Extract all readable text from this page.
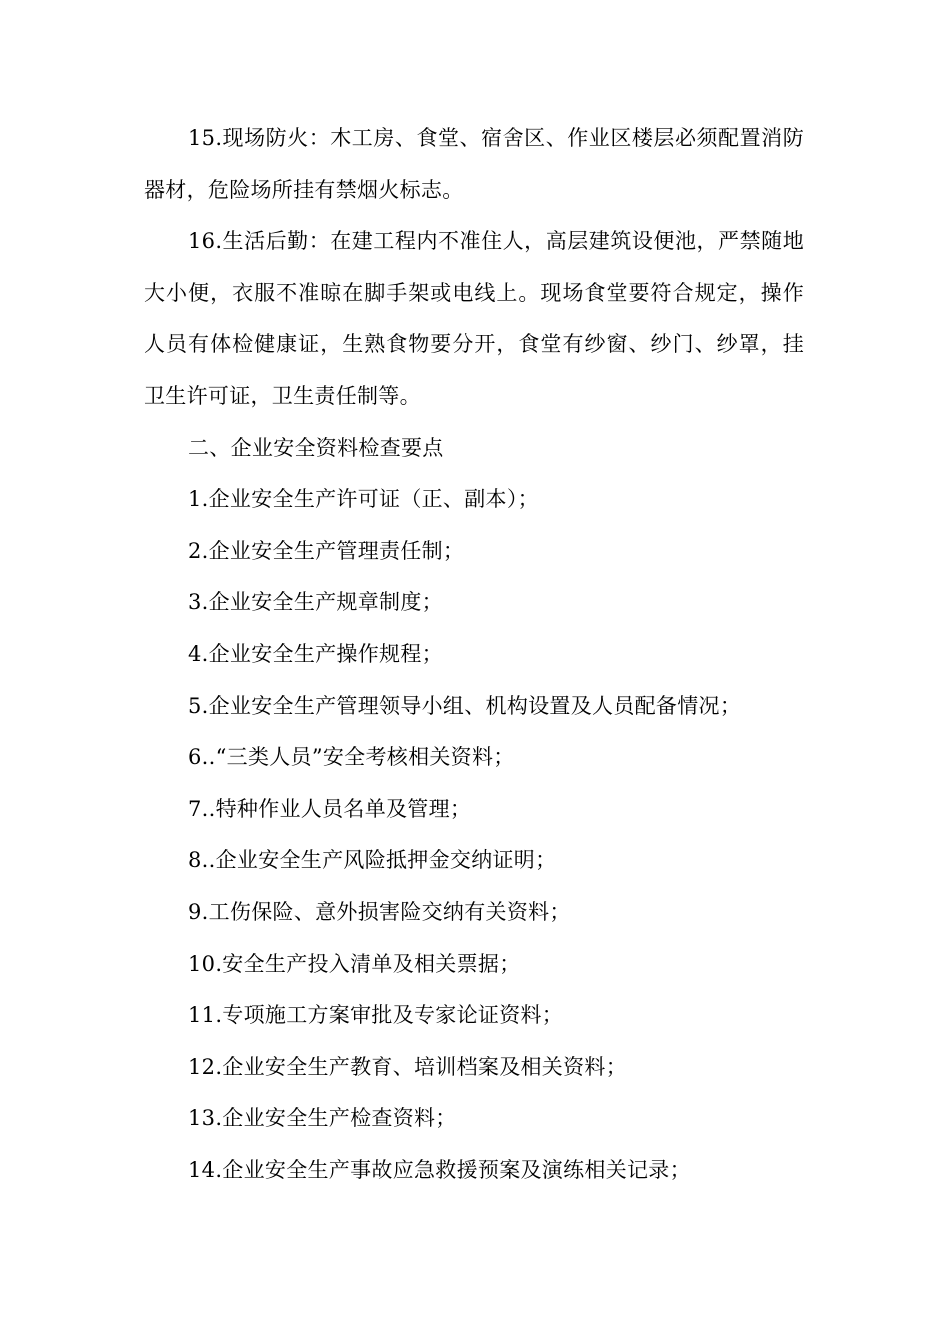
15.现场防火：木工房、食堂、宿舍区、作业区楼层必须配置消防器材，危险场所挂有禁烟火标志。

16.生活后勤：在建工程内不准住人，高层建筑设便池，严禁随地大小便，衣服不准晾在脚手架或电线上。现场食堂要符合规定，操作人员有体检健康证，生熟食物要分开，食堂有纱窗、纱门、纱罩，挂卫生许可证，卫生责任制等。

二、企业安全资料检查要点

1.企业安全生产许可证（正、副本）；

2.企业安全生产管理责任制；

3.企业安全生产规章制度；

4.企业安全生产操作规程；

5.企业安全生产管理领导小组、机构设置及人员配备情况；

6..“三类人员”安全考核相关资料；

7..特种作业人员名单及管理；

8..企业安全生产风险抵押金交纳证明；

9.工伤保险、意外损害险交纳有关资料；

10.安全生产投入清单及相关票据；

11.专项施工方案审批及专家论证资料；

12.企业安全生产教育、培训档案及相关资料；

13.企业安全生产检查资料；

14.企业安全生产事故应急救援预案及演练相关记录；
